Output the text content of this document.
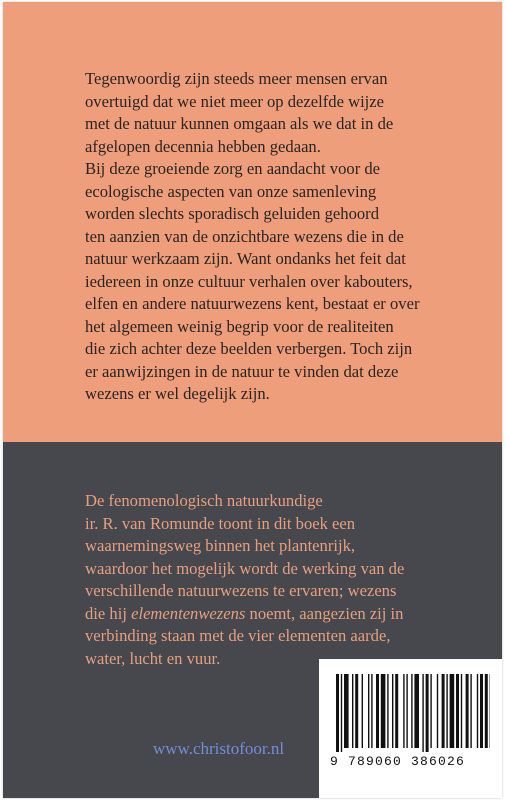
Tegenwoordig zijn steeds meer mensen ervan
overtuigd dat we niet meer op dezelfde wijze
met de natuur kunnen omgaan als we dat in de
afgelopen decennia hebben gedaan.
Bij deze groeiende zorg en aandacht voor de
ecologische aspecten van onze samenleving
worden slechts sporadisch geluiden gehoord
ten aanzien van de onzichtbare wezens die in de
natuur werkzaam zijn. Want ondanks het feit dat
iedereen in onze cultuur verhalen over kabouters,
elfen en andere natuurwezens kent, bestaat er over
het algemeen weinig begrip voor de realiteiten
die zich achter deze beelden verbergen. Toch zijn
er aanwijzingen in de natuur te vinden dat deze
wezens er wel degelijk zijn.

De fenomenologisch natuurkundige
ir. R. van Romunde toont in dit boek een
waarnemingsweg binnen het plantenrijk,
waardoor het mogelijk wordt de werking van de
verschillende natuurwezens te ervaren; wezens
die hij elementenwezens noemt, aangezien zij in
verbinding staan met de vier elementen aarde,
water, lucht en vuur.

www.christofoor.nl
9 789060 386026
